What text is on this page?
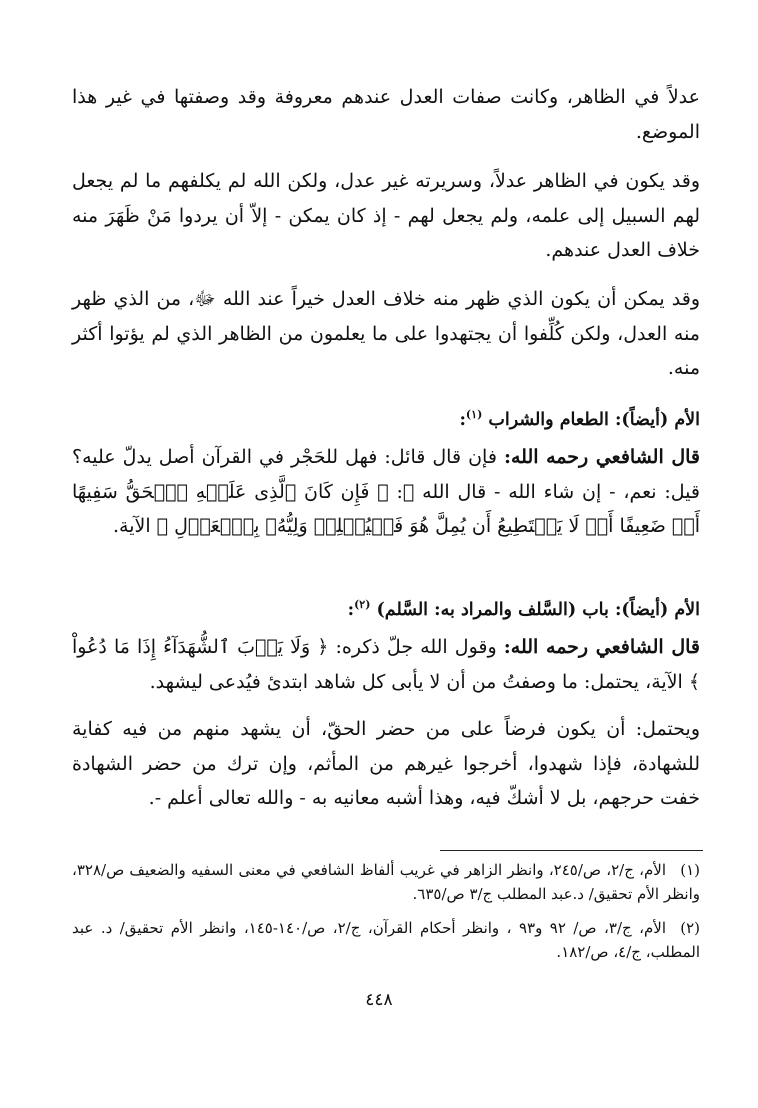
عدلاً في الظاهر، وكانت صفات العدل عندهم معروفة وقد وصفتها في غير هذا الموضع.

وقد يكون في الظاهر عدلاً، وسريرته غير عدل، ولكن الله لم يكلفهم ما لم يجعل لهم السبيل إلى علمه، ولم يجعل لهم - إذ كان يمكن - إلاّ أن يردوا مَنْ ظَهَرَ منه خلاف العدل عندهم.

وقد يمكن أن يكون الذي ظهر منه خلاف العدل خيراً عند الله ﷻ، من الذي ظهر منه العدل، ولكن كُلِّفوا أن يجتهدوا على ما يعلمون من الظاهر الذي لم يؤتوا أكثر منه.

الأم (أيضاً): الطعام والشراب $^{(١)}$:

قال الشافعي رحمه الله: فإن قال قائل: فهل للحَجْر في القرآن أصل يدلّ عليه؟ قيل: نعم، - إن شاء الله - قال الله ﷻ: ﴿ فَإِن كَانَ ٱلَّذِى عَلَيۡهِ ٱلۡحَقُّ سَفِيهًا أَوۡ ضَعِيفًا أَوۡ لَا يَسۡتَطِيعُ أَن يُمِلَّ هُوَ فَلۡيُمۡلِلۡ وَلِيُّهُۥ بِٱلۡعَدۡلِ ﴾ الآية.

الأم (أيضاً): باب (السَّلف والمراد به: السَّلم) $^{(٢)}$:

قال الشافعي رحمه الله: وقول الله جلّ ذكره: ﴿ وَلَا يَأۡبَ ٱلشُّهَدَآءُ إِذَا مَا دُعُواْ ﴾ الآية، يحتمل: ما وصفتُ من أن لا يأبى كل شاهد ابتدئ فيُدعى ليشهد.

ويحتمل: أن يكون فرضاً على من حضر الحقّ، أن يشهد منهم من فيه كفاية للشهادة، فإذا شهدوا، أخرجوا غيرهم من المأثم، وإن ترك من حضر الشهادة خفت حرجهم، بل لا أشكّ فيه، وهذا أشبه معانيه به - والله تعالى أعلم -.

(١)الأم، ج/٢، ص/٢٤٥، وانظر الزاهر في غريب ألفاظ الشافعي في معنى السفيه والضعيف ص/٣٢٨، وانظر الأم تحقيق/ د.عبد المطلب ج/٣ ص/٦٣٥.

(٢)الأم، ج/٣، ص/ ٩٢ و٩٣ ، وانظر أحكام القرآن، ج/٢، ص/١٤٠-١٤٥، وانظر الأم تحقيق/ د. عبد المطلب، ج/٤، ص/١٨٢.

٤٤٨
